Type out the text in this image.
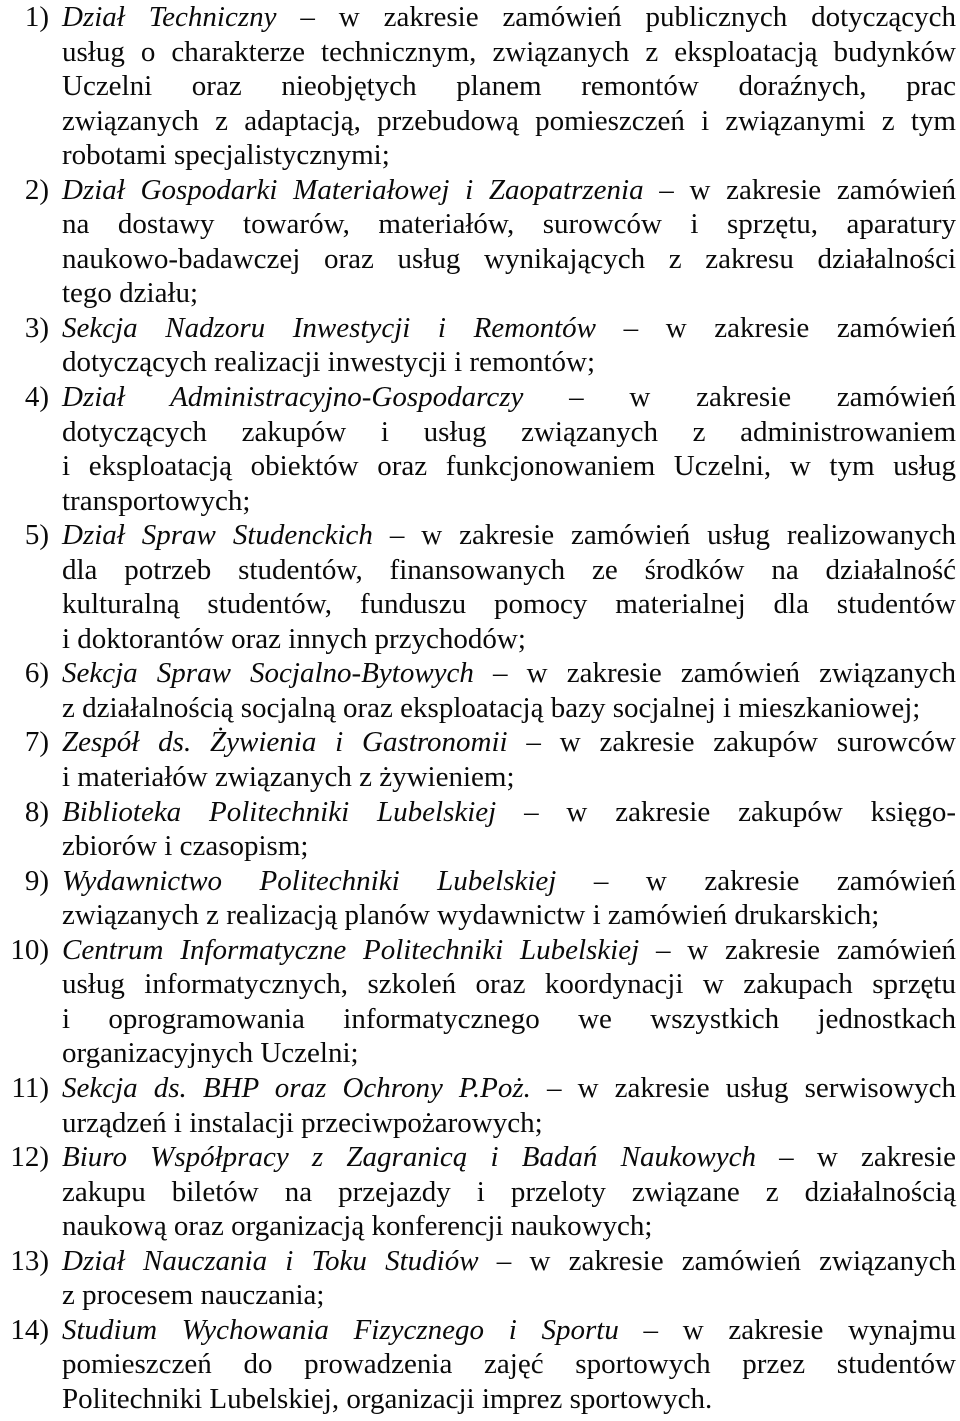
1) Dział Techniczny – w zakresie zamówień publicznych dotyczących
usług o charakterze technicznym, związanych z eksploatacją budynków
Uczelni oraz nieobjętych planem remontów doraźnych, prac
związanych z adaptacją, przebudową pomieszczeń i związanymi z tym
robotami specjalistycznymi;
2) Dział Gospodarki Materiałowej i Zaopatrzenia – w zakresie zamówień
na dostawy towarów, materiałów, surowców i sprzętu, aparatury
naukowo-badawczej oraz usług wynikających z zakresu działalności
tego działu;
3) Sekcja Nadzoru Inwestycji i Remontów – w zakresie zamówień
dotyczących realizacji inwestycji i remontów;
4) Dział Administracyjno-Gospodarczy – w zakresie zamówień
dotyczących zakupów i usług związanych z administrowaniem
i eksploatacją obiektów oraz funkcjonowaniem Uczelni, w tym usług
transportowych;
5) Dział Spraw Studenckich – w zakresie zamówień usług realizowanych
dla potrzeb studentów, finansowanych ze środków na działalność
kulturalną studentów, funduszu pomocy materialnej dla studentów
i doktorantów oraz innych przychodów;
6) Sekcja Spraw Socjalno-Bytowych – w zakresie zamówień związanych
z działalnością socjalną oraz eksploatacją bazy socjalnej i mieszkaniowej;
7) Zespół ds. Żywienia i Gastronomii – w zakresie zakupów surowców
i materiałów związanych z żywieniem;
8) Biblioteka Politechniki Lubelskiej – w zakresie zakupów księgo-
zbiorów i czasopism;
9) Wydawnictwo Politechniki Lubelskiej – w zakresie zamówień
związanych z realizacją planów wydawnictw i zamówień drukarskich;
10) Centrum Informatyczne Politechniki Lubelskiej – w zakresie zamówień
usług informatycznych, szkoleń oraz koordynacji w zakupach sprzętu
i oprogramowania informatycznego we wszystkich jednostkach
organizacyjnych Uczelni;
11) Sekcja ds. BHP oraz Ochrony P.Poż. – w zakresie usług serwisowych
urządzeń i instalacji przeciwpożarowych;
12) Biuro Współpracy z Zagranicą i Badań Naukowych – w zakresie
zakupu biletów na przejazdy i przeloty związane z działalnością
naukową oraz organizacją konferencji naukowych;
13) Dział Nauczania i Toku Studiów – w zakresie zamówień związanych
z procesem nauczania;
14) Studium Wychowania Fizycznego i Sportu – w zakresie wynajmu
pomieszczeń do prowadzenia zajęć sportowych przez studentów
Politechniki Lubelskiej, organizacji imprez sportowych.
